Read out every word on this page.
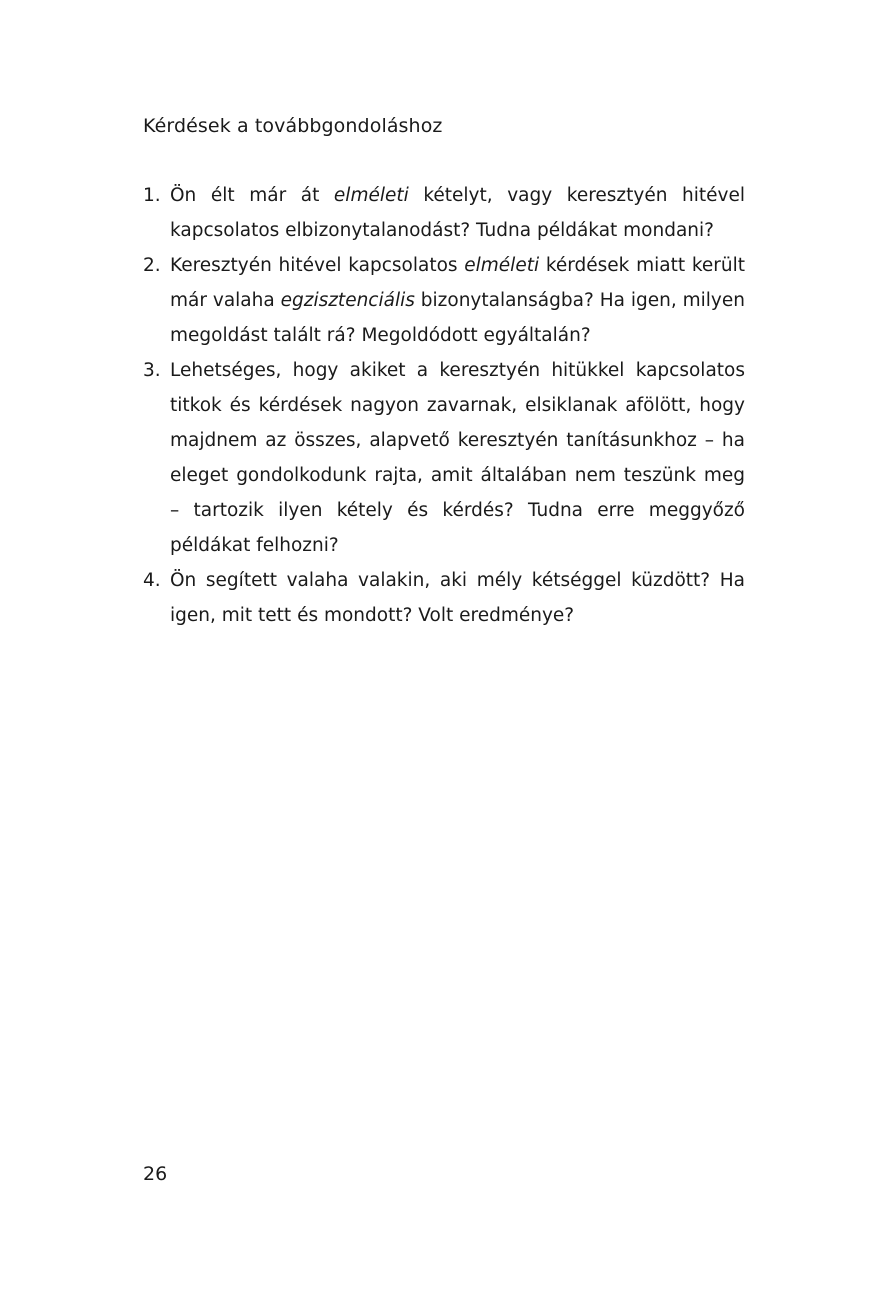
Kérdések a továbbgondoláshoz
1. Ön élt már át elméleti kételyt, vagy keresztyén hitével kapcsolatos elbizonytalanodást? Tudna példákat mondani?
2. Keresztyén hitével kapcsolatos elméleti kérdések miatt került már valaha egzisztenciális bizonytalanságba? Ha igen, milyen megoldást talált rá? Megoldódott egyáltalán?
3. Lehetséges, hogy akiket a keresztyén hitükkel kapcsolatos titkok és kérdések nagyon zavarnak, elsiklanak afölött, hogy majdnem az összes, alapvető keresztyén tanításunkhoz – ha eleget gondolkodunk rajta, amit általában nem teszünk meg – tartozik ilyen kétely és kérdés? Tudna erre meggyőző példákat felhozni?
4. Ön segített valaha valakin, aki mély kétséggel küzdött? Ha igen, mit tett és mondott? Volt eredménye?
26
